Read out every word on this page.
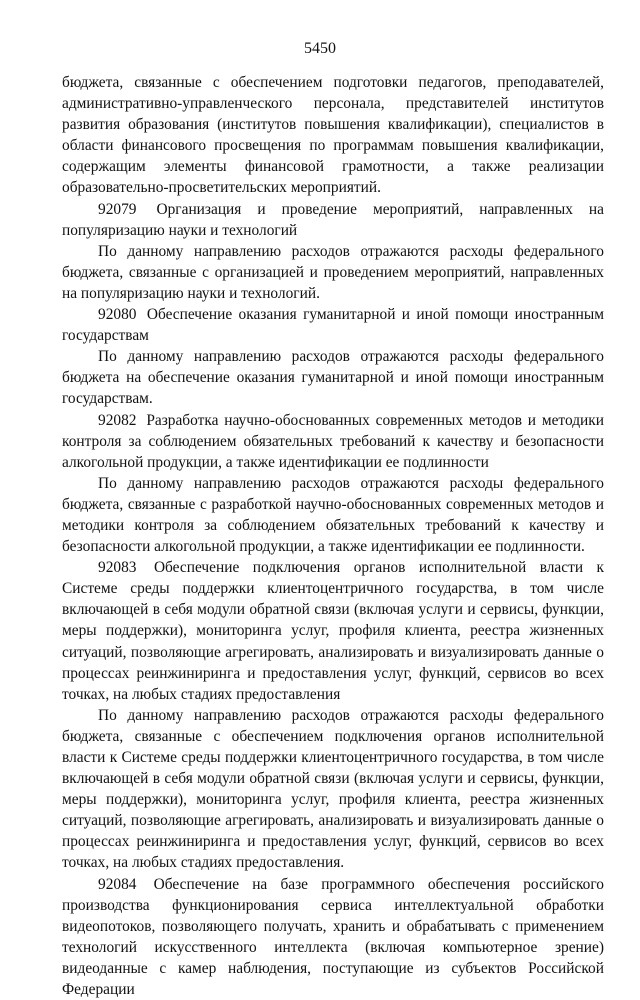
5450

бюджета, связанные с обеспечением подготовки педагогов, преподавателей, административно-управленческого персонала, представителей институтов развития образования (институтов повышения квалификации), специалистов в области финансового просвещения по программам повышения квалификации, содержащим элементы финансовой грамотности, а также реализации образовательно-просветительских мероприятий.

92079 Организация и проведение мероприятий, направленных на популяризацию науки и технологий

По данному направлению расходов отражаются расходы федерального бюджета, связанные с организацией и проведением мероприятий, направленных на популяризацию науки и технологий.

92080 Обеспечение оказания гуманитарной и иной помощи иностранным государствам

По данному направлению расходов отражаются расходы федерального бюджета на обеспечение оказания гуманитарной и иной помощи иностранным государствам.

92082 Разработка научно-обоснованных современных методов и методики контроля за соблюдением обязательных требований к качеству и безопасности алкогольной продукции, а также идентификации ее подлинности

По данному направлению расходов отражаются расходы федерального бюджета, связанные с разработкой научно-обоснованных современных методов и методики контроля за соблюдением обязательных требований к качеству и безопасности алкогольной продукции, а также идентификации ее подлинности.

92083 Обеспечение подключения органов исполнительной власти к Системе среды поддержки клиентоцентричного государства, в том числе включающей в себя модули обратной связи (включая услуги и сервисы, функции, меры поддержки), мониторинга услуг, профиля клиента, реестра жизненных ситуаций, позволяющие агрегировать, анализировать и визуализировать данные о процессах реинжиниринга и предоставления услуг, функций, сервисов во всех точках, на любых стадиях предоставления

По данному направлению расходов отражаются расходы федерального бюджета, связанные с обеспечением подключения органов исполнительной власти к Системе среды поддержки клиентоцентричного государства, в том числе включающей в себя модули обратной связи (включая услуги и сервисы, функции, меры поддержки), мониторинга услуг, профиля клиента, реестра жизненных ситуаций, позволяющие агрегировать, анализировать и визуализировать данные о процессах реинжиниринга и предоставления услуг, функций, сервисов во всех точках, на любых стадиях предоставления.

92084 Обеспечение на базе программного обеспечения российского производства функционирования сервиса интеллектуальной обработки видеопотоков, позволяющего получать, хранить и обрабатывать с применением технологий искусственного интеллекта (включая компьютерное зрение) видеоданные с камер наблюдения, поступающие из субъектов Российской Федерации
